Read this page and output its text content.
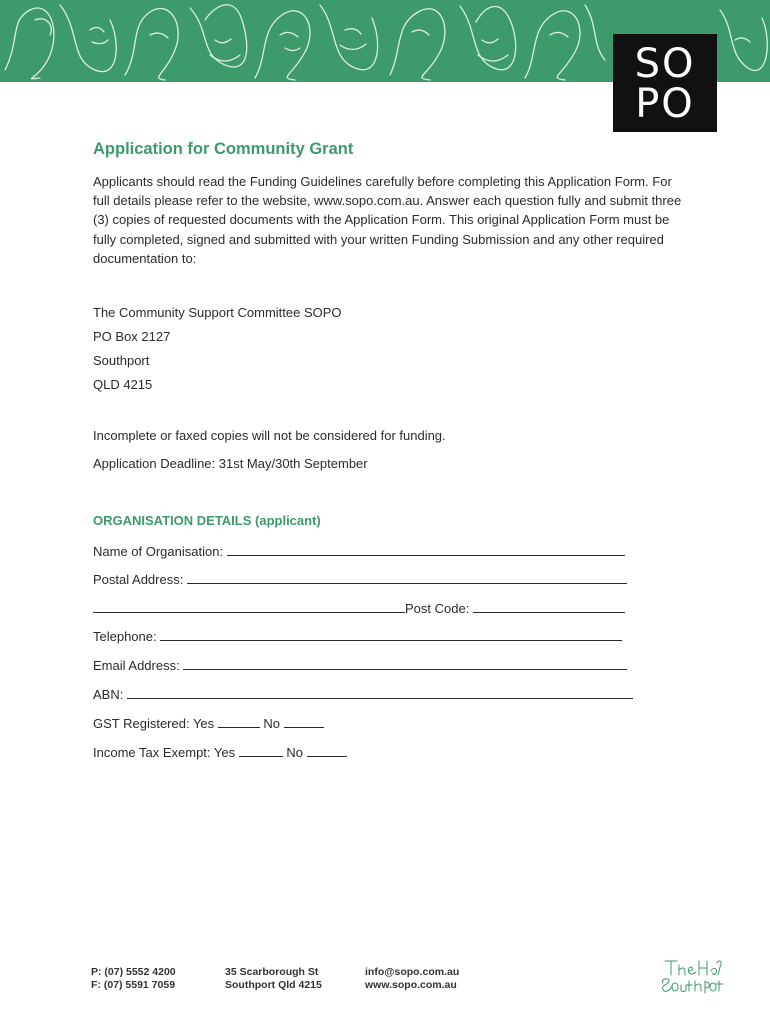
SO
PO
Application for Community Grant

Applicants should read the Funding Guidelines carefully before completing this Application Form. For full details please refer to the website, www.sopo.com.au. Answer each question fully and submit three (3) copies of requested documents with the Application Form. This original Application Form must be fully completed, signed and submitted with your written Funding Submission and any other required documentation to:

The Community Support Committee SOPO

PO Box 2127

Southport

QLD 4215

Incomplete or faxed copies will not be considered for funding.

Application Deadline: 31st May/30th September

ORGANISATION DETAILS (applicant)

Name of Organisation:

Postal Address:

Post Code:

Telephone:

Email Address:

ABN:

GST Registered: Yes	No

Income Tax Exempt: Yes	No

P: (07) 5552 4200
F: (07) 5591 7059
35 Scarborough St
Southport Qld 4215
info@sopo.com.au
www.sopo.com.au
